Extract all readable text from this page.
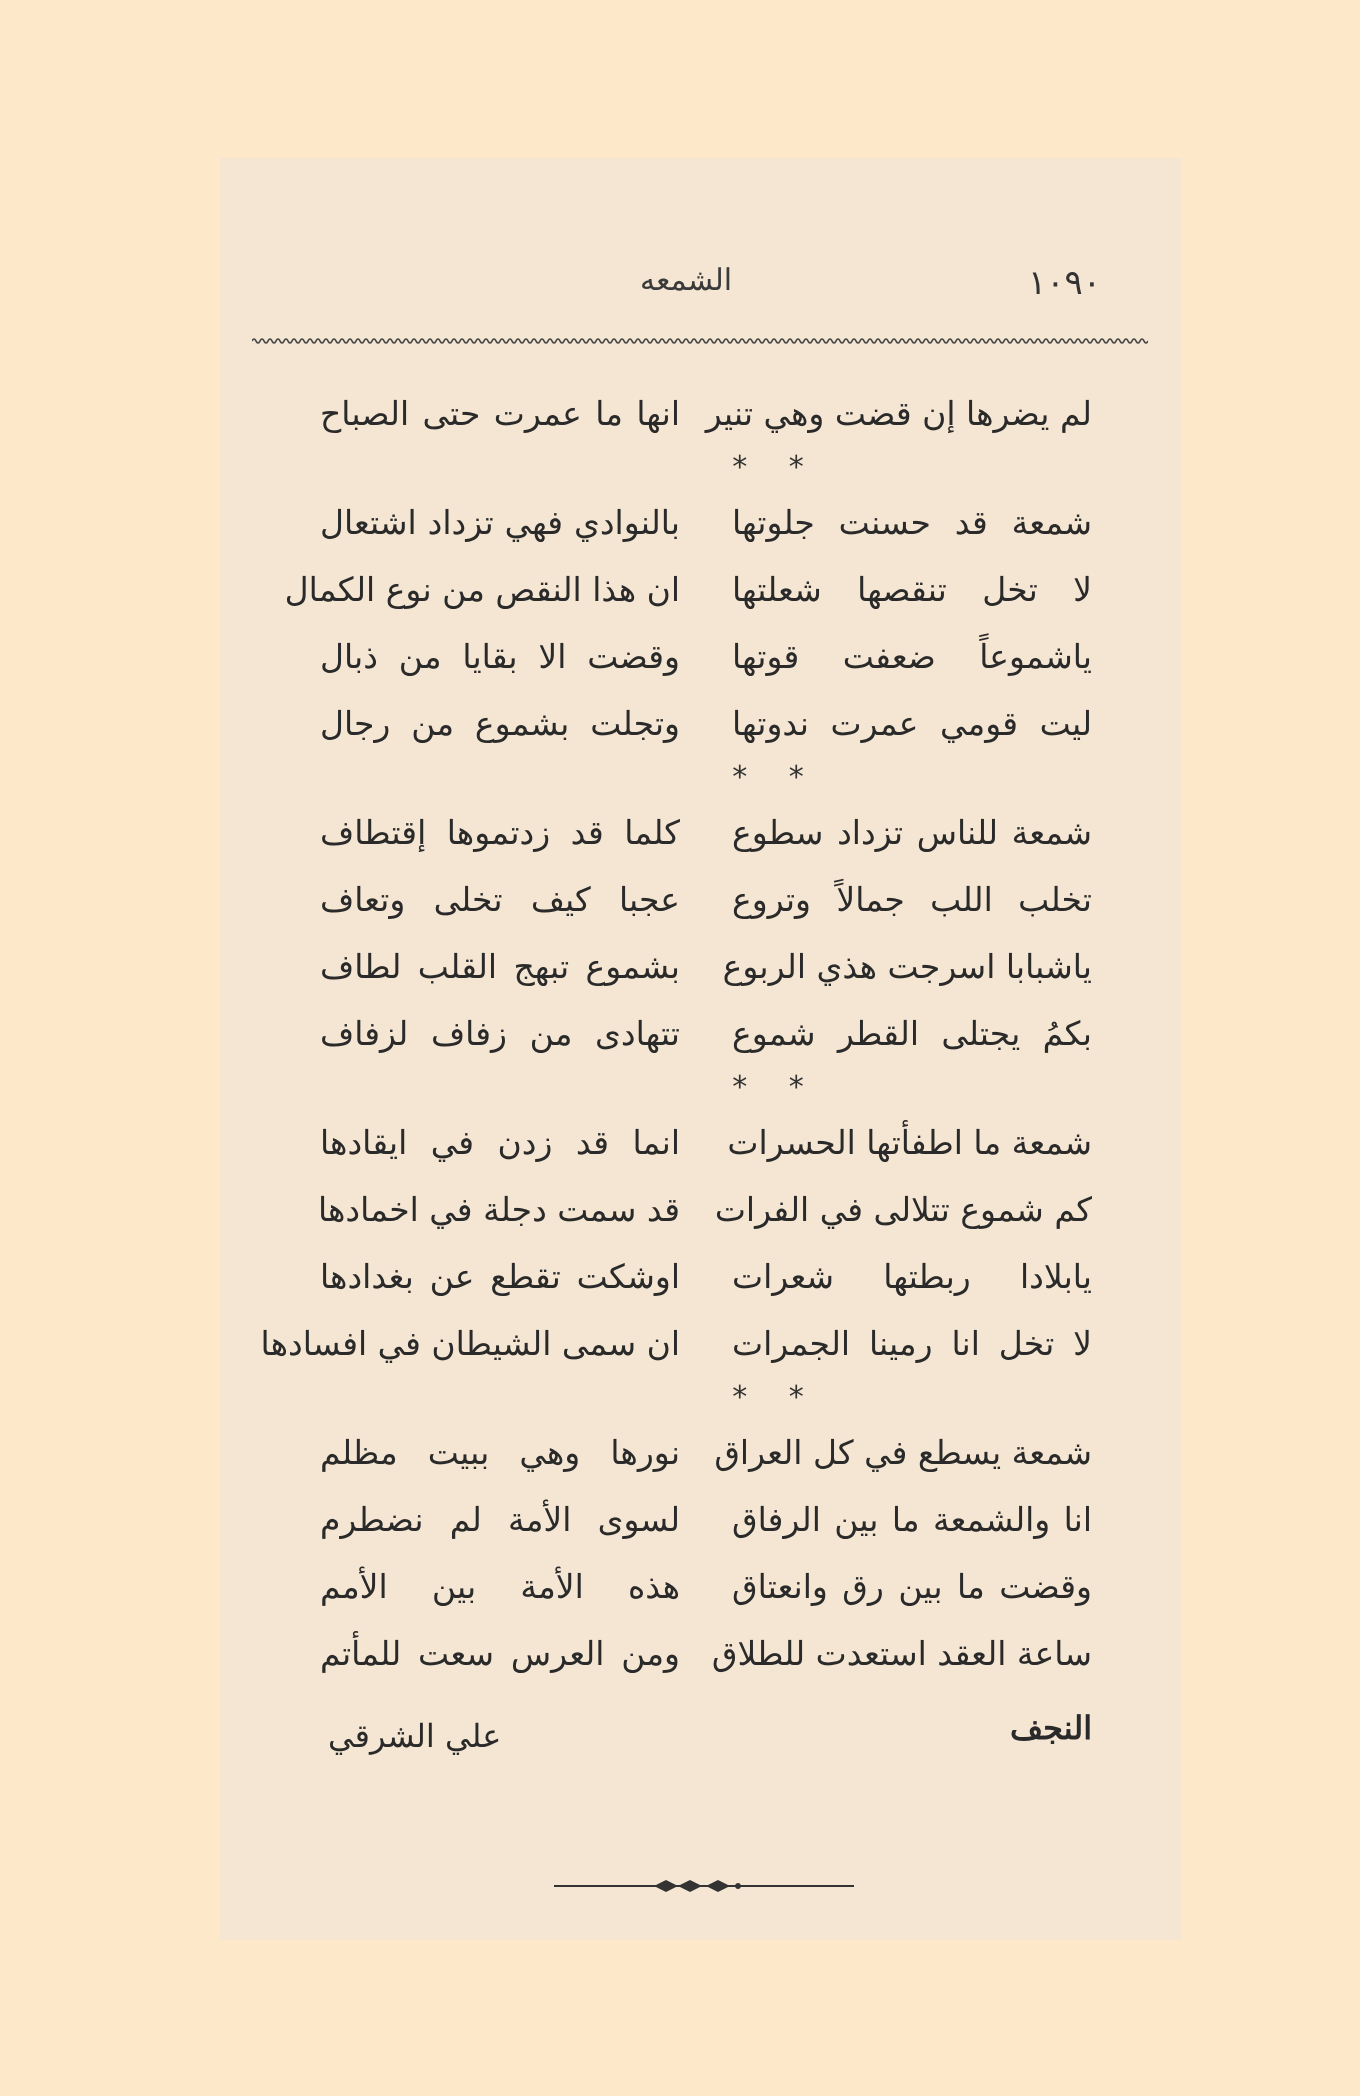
١٠٩٠
الشمعه
لم يضرها إن قضت وهي تنير
انها ما عمرت حتى الصباح
* *
شمعة قد حسنت جلوتها
بالنوادي فهي تزداد اشتعال
لا تخل تنقصها شعلتها
ان هذا النقص من نوع الكمال
ياشموعاً ضعفت قوتها
وقضت الا بقايا من ذبال
ليت قومي عمرت ندوتها
وتجلت بشموع من رجال
* *
شمعة للناس تزداد سطوع
كلما قد زدتموها إقتطاف
تخلب اللب جمالاً وتروع
عجبا كيف تخلى وتعاف
ياشبابا اسرجت هذي الربوع
بشموع تبهج القلب لطاف
بكمُ يجتلى القطر شموع
تتهادى من زفاف لزفاف
* *
شمعة ما اطفأتها الحسرات
انما قد زدن في ايقادها
كم شموع تتلالى في الفرات
قد سمت دجلة في اخمادها
يابلادا ربطتها شعرات
اوشكت تقطع عن بغدادها
لا تخل انا رمينا الجمرات
ان سمى الشيطان في افسادها
* *
شمعة يسطع في كل العراق
نورها وهي ببيت مظلم
انا والشمعة ما بين الرفاق
لسوى الأمة لم نضطرم
وقضت ما بين رق وانعتاق
هذه الأمة بين الأمم
ساعة العقد استعدت للطلاق
ومن العرس سعت للمأتم
النجف
علي الشرقي
